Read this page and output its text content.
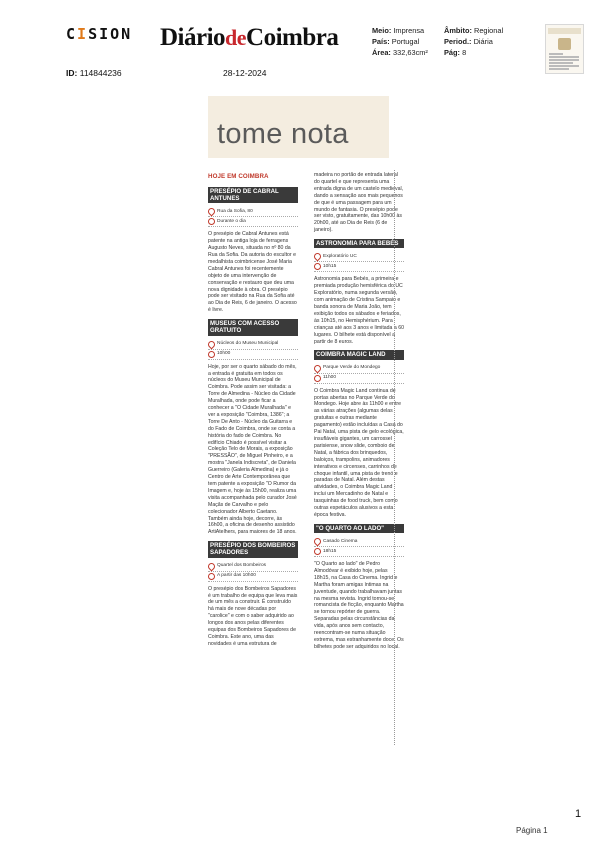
CISION DiáriodeCoimbra	Meio: Imprensa
País: Portugal
Área: 332,63cm²
Âmbito: Regional
Period.: Diária
Pág: 8
ID: 114844236	28-12-2024
tome nota
HOJE EM COIMBRA
PRESÉPIO DE CABRAL ANTUNES
Rua da Sofia, 80
Durante o dia

O presépio de Cabral Antunes está patente na antiga loja de ferragens Augusto Neves, situada no nº 80 da Rua da Sofia. Da autoria do escultor e medalhista coimbricense José Maria Cabral Antunes foi recentemente objeto de uma intervenção de conservação e restauro que deu uma nova dignidade à obra. O presépio pode ser visitado na Rua da Sofia até ao Dia de Reis, 6 de janeiro. O acesso é livre.

MUSEUS COM ACESSO GRATUITO
Núcleos do Museu Municipal
10h00

Hoje, por ser o quarto sábado do mês, a entrada é gratuita em todos os núcleos do Museu Municipal de Coimbra. Pode assim ser visitada: a Torre de Almedina - Núcleo da Cidade Muralhada, onde pode ficar a conhecer a "O Cidade Muralhada" e ver a exposição "Coimbra, 1386"; a Torre De Anto - Núcleo da Guitarra e do Fado de Coimbra, onde se conta a história do fado de Coimbra. No edifício Chiado é possível visitar a Coleção Telo de Morais, a exposição "PRESSÃO", de Miguel Pinheiro, e a mostra "Janela Indiscreta", de Daniela Guerreiro (Galeria Almedina) e já o Centro de Arte Contemporânea que tem patente a exposição "O Rumor da Imagem e, hoje às 15h00, realiza uma visita acompanhada pelo curador José Maçãs de Carvalho e pelo colecionador Alberto Caetano. Também ainda hoje, decorre, às 16h00, a oficina de desenho assistido ArtiAtelhers, para maiores de 18 anos.

PRESÉPIO DOS BOMBEIROS SAPADORES
Quartel dos Bombeiros
A partir das 10h00

O presépio dos Bombeiros Sapadores é um trabalho de equipa que leva mais de um mês a construir. É construído há mais de nove décadas por "carolice" e com o saber adquirido ao longos dos anos pelas diferentes equipas dos Bombeiros Sapadores de Coimbra. Este ano, uma das novidades é uma estrutura de

madeira no portão de entrada lateral do quartel e que representa uma entrada digna de um castelo medieval, dando a sensação aos mais pequenos de que é uma passagem para um mundo de fantasia. O presépio pode ser visto, gratuitamente, das 10h00 às 20h00, até ao Dia de Reis (6 de janeiro).

ASTRONOMIA PARA BEBÉS
Exploratório UC
10h15

Astronomia para Bebés, a primeira e premiada produção hemisférica do UC Exploratório, numa segunda versão, com animação de Cristina Sampaio e banda sonora de Maria João, tem exibição todos os sábados e feriados, às 10h15, no Hemisphérium. Para crianças até aos 3 anos e limitada a 60 lugares. O bilhete está disponível a partir de 8 euros.

COIMBRA MAGIC LAND
Parque Verde do Mondego
11h00

O Coimbra Magic Land continua de portas abertas no Parque Verde do Mondego. Hoje abre às 11h00 e entre as várias atrações (algumas delas gratuitas e outras mediante pagamento) estão incluídas a Casa do Pai Natal, uma pista de gelo ecológica, insufláveis gigantes, um carrossel parisiense, snow slide, comboio de Natal, a fábrica dos brinquedos, baloiços, trampolins, animadores interativos e circenses, carrinhos de choque infantil, uma pista de trenó e paradas de Natal. Além destas atividades, o Coimbra Magic Land inclui um Mercadinho de Natal e tasquinhas de food truck, bem como outras espetáculos alusivos a esta época festiva.

"O QUARTO AO LADO"
Casado Cinema
18h15

"O Quarto ao lado" de Pedro Almodóvar é exibido hoje, pelas 18h15, na Casa do Cinema. Ingrid e Martha foram amigas íntimas na juventude, quando trabalhavam juntas na mesma revista. Ingrid tornou-se romancista de ficção, enquanto Martha se tornou repórter de guerra. Separadas pelas circunstâncias da vida, após anos sem contacto, reencontram-se numa situação extrema, mas estranhamente doce. Os bilhetes pode ser adquiridos no local.

1
Página 1
